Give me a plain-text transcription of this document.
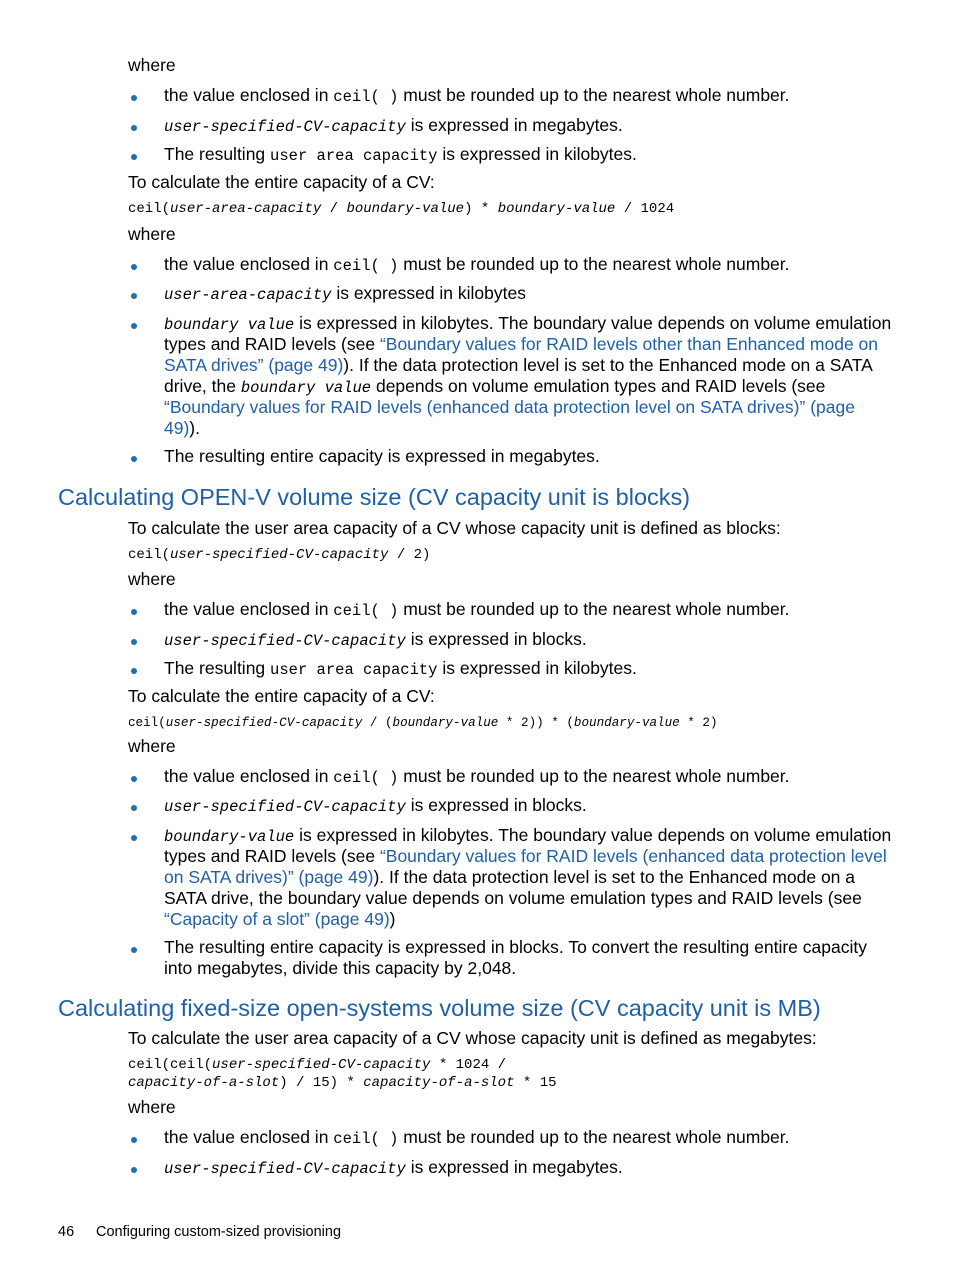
where
the value enclosed in ceil( ) must be rounded up to the nearest whole number.
user-specified-CV-capacity is expressed in megabytes.
The resulting user area capacity is expressed in kilobytes.
To calculate the entire capacity of a CV:
ceil(user-area-capacity / boundary-value) * boundary-value / 1024
where
the value enclosed in ceil( ) must be rounded up to the nearest whole number.
user-area-capacity is expressed in kilobytes
boundary value is expressed in kilobytes. The boundary value depends on volume emulation
types and RAID levels (see “Boundary values for RAID levels other than Enhanced mode on
SATA drives” (page 49)). If the data protection level is set to the Enhanced mode on a SATA
drive, the boundary value depends on volume emulation types and RAID levels (see
“Boundary values for RAID levels (enhanced data protection level on SATA drives)” (page
49)).
The resulting entire capacity is expressed in megabytes.
Calculating OPEN-V volume size (CV capacity unit is blocks)
To calculate the user area capacity of a CV whose capacity unit is defined as blocks:
ceil(user-specified-CV-capacity / 2)
where
the value enclosed in ceil( ) must be rounded up to the nearest whole number.
user-specified-CV-capacity is expressed in blocks.
The resulting user area capacity is expressed in kilobytes.
To calculate the entire capacity of a CV:
ceil(user-specified-CV-capacity / (boundary-value * 2)) * (boundary-value * 2)
where
the value enclosed in ceil( ) must be rounded up to the nearest whole number.
user-specified-CV-capacity is expressed in blocks.
boundary-value is expressed in kilobytes. The boundary value depends on volume emulation
types and RAID levels (see “Boundary values for RAID levels (enhanced data protection level
on SATA drives)” (page 49)). If the data protection level is set to the Enhanced mode on a
SATA drive, the boundary value depends on volume emulation types and RAID levels (see
“Capacity of a slot” (page 49))
The resulting entire capacity is expressed in blocks. To convert the resulting entire capacity
into megabytes, divide this capacity by 2,048.
Calculating fixed-size open-systems volume size (CV capacity unit is MB)
To calculate the user area capacity of a CV whose capacity unit is defined as megabytes:
ceil(ceil(user-specified-CV-capacity * 1024 /
capacity-of-a-slot) / 15) * capacity-of-a-slot * 15
where
the value enclosed in ceil( ) must be rounded up to the nearest whole number.
user-specified-CV-capacity is expressed in megabytes.
46 Configuring custom-sized provisioning
